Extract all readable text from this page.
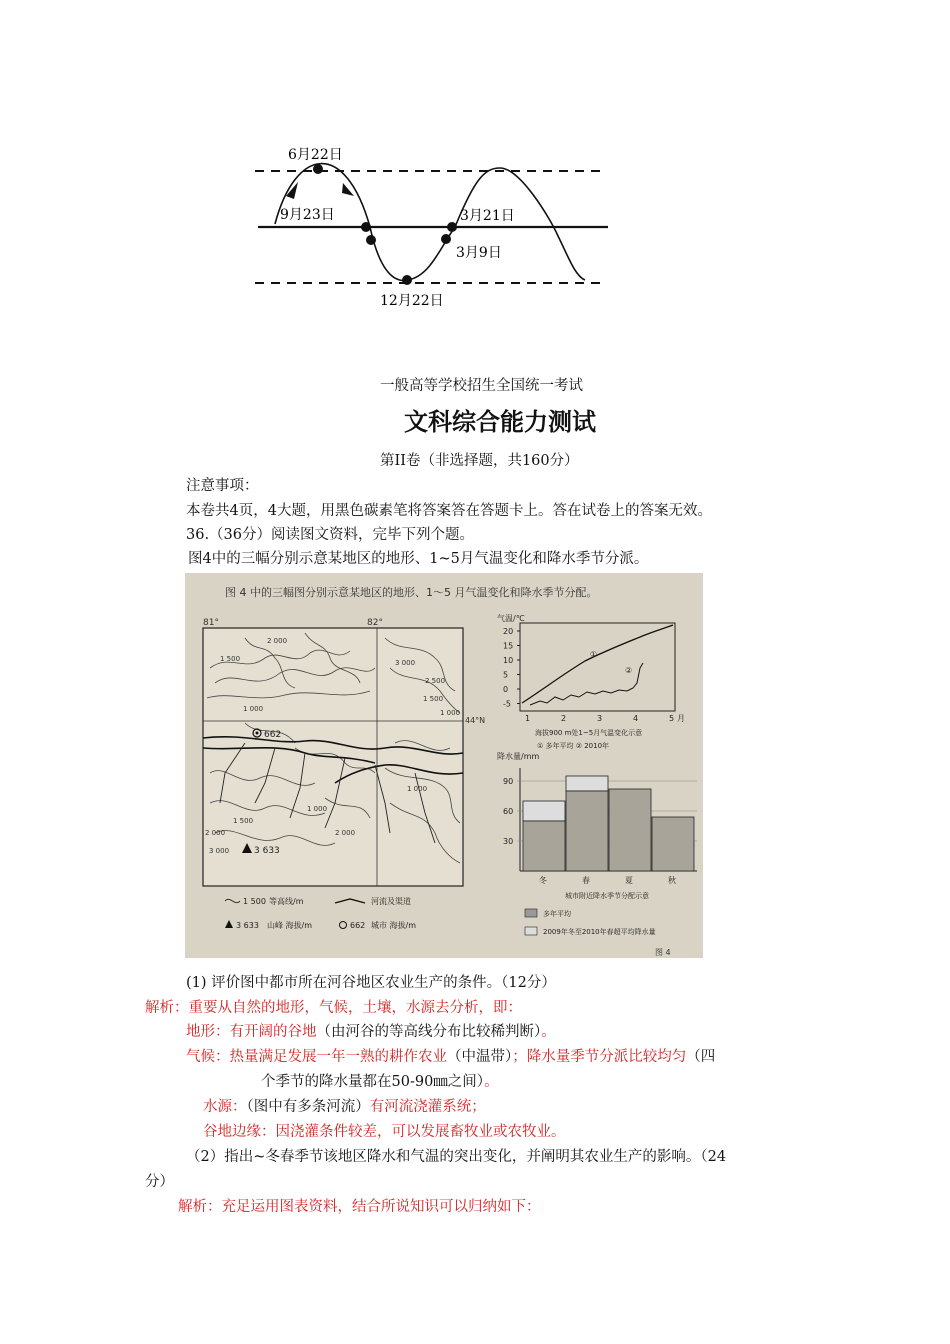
6月22日
9月23日	3月21日
3月9日
12月22日
一般高等学校招生全国统一考试
文科综合能力测试
第II卷（非选择题，共160分）
注意事项：
本卷共4页，4大题，用黑色碳素笔将答案答在答题卡上。答在试卷上的答案无效。
36.（36分）阅读图文资料，完毕下列个题。
图4中的三幅分别示意某地区的地形、1~5月气温变化和降水季节分派。
图 4 中的三幅图分别示意某地区的地形、1～5 月气温变化和降水季节分配。
81°	82°
44°N
662
3 633
2 000
1 500
1 000
3 000
2 500
1 500
1 000
1 000
1 000
2 000
1 500
2 000
3 000
1 500 等高线/m	河流及渠道
3 633 山峰 海拔/m	662 城市 海拔/m
气温/℃
20
15
10
5
0
-5
1	2	3	4	5 月
①
②
海拔900 m处1~5月气温变化示意
① 多年平均 ② 2010年
降水量/mm
90
60
30
冬	春	夏	秋
城市附近降水季节分配示意
多年平均
2009年冬至2010年春超平均降水量
图 4
(1) 评价图中都市所在河谷地区农业生产的条件。（12分）
解析：重要从自然的地形，气候，土壤，水源去分析，即：
地形：有开阔的谷地（由河谷的等高线分布比较稀判断）。
气候：热量满足发展一年一熟的耕作农业（中温带）；降水量季节分派比较均匀（四
个季节的降水量都在50-90㎜之间）。
水源：（图中有多条河流）有河流浇灌系统；
谷地边缘：因浇灌条件较差，可以发展畜牧业或农牧业。
（2）指出~冬春季节该地区降水和气温的突出变化，并阐明其农业生产的影响。（24
分）
解析：充足运用图表资料，结合所说知识可以归纳如下：
